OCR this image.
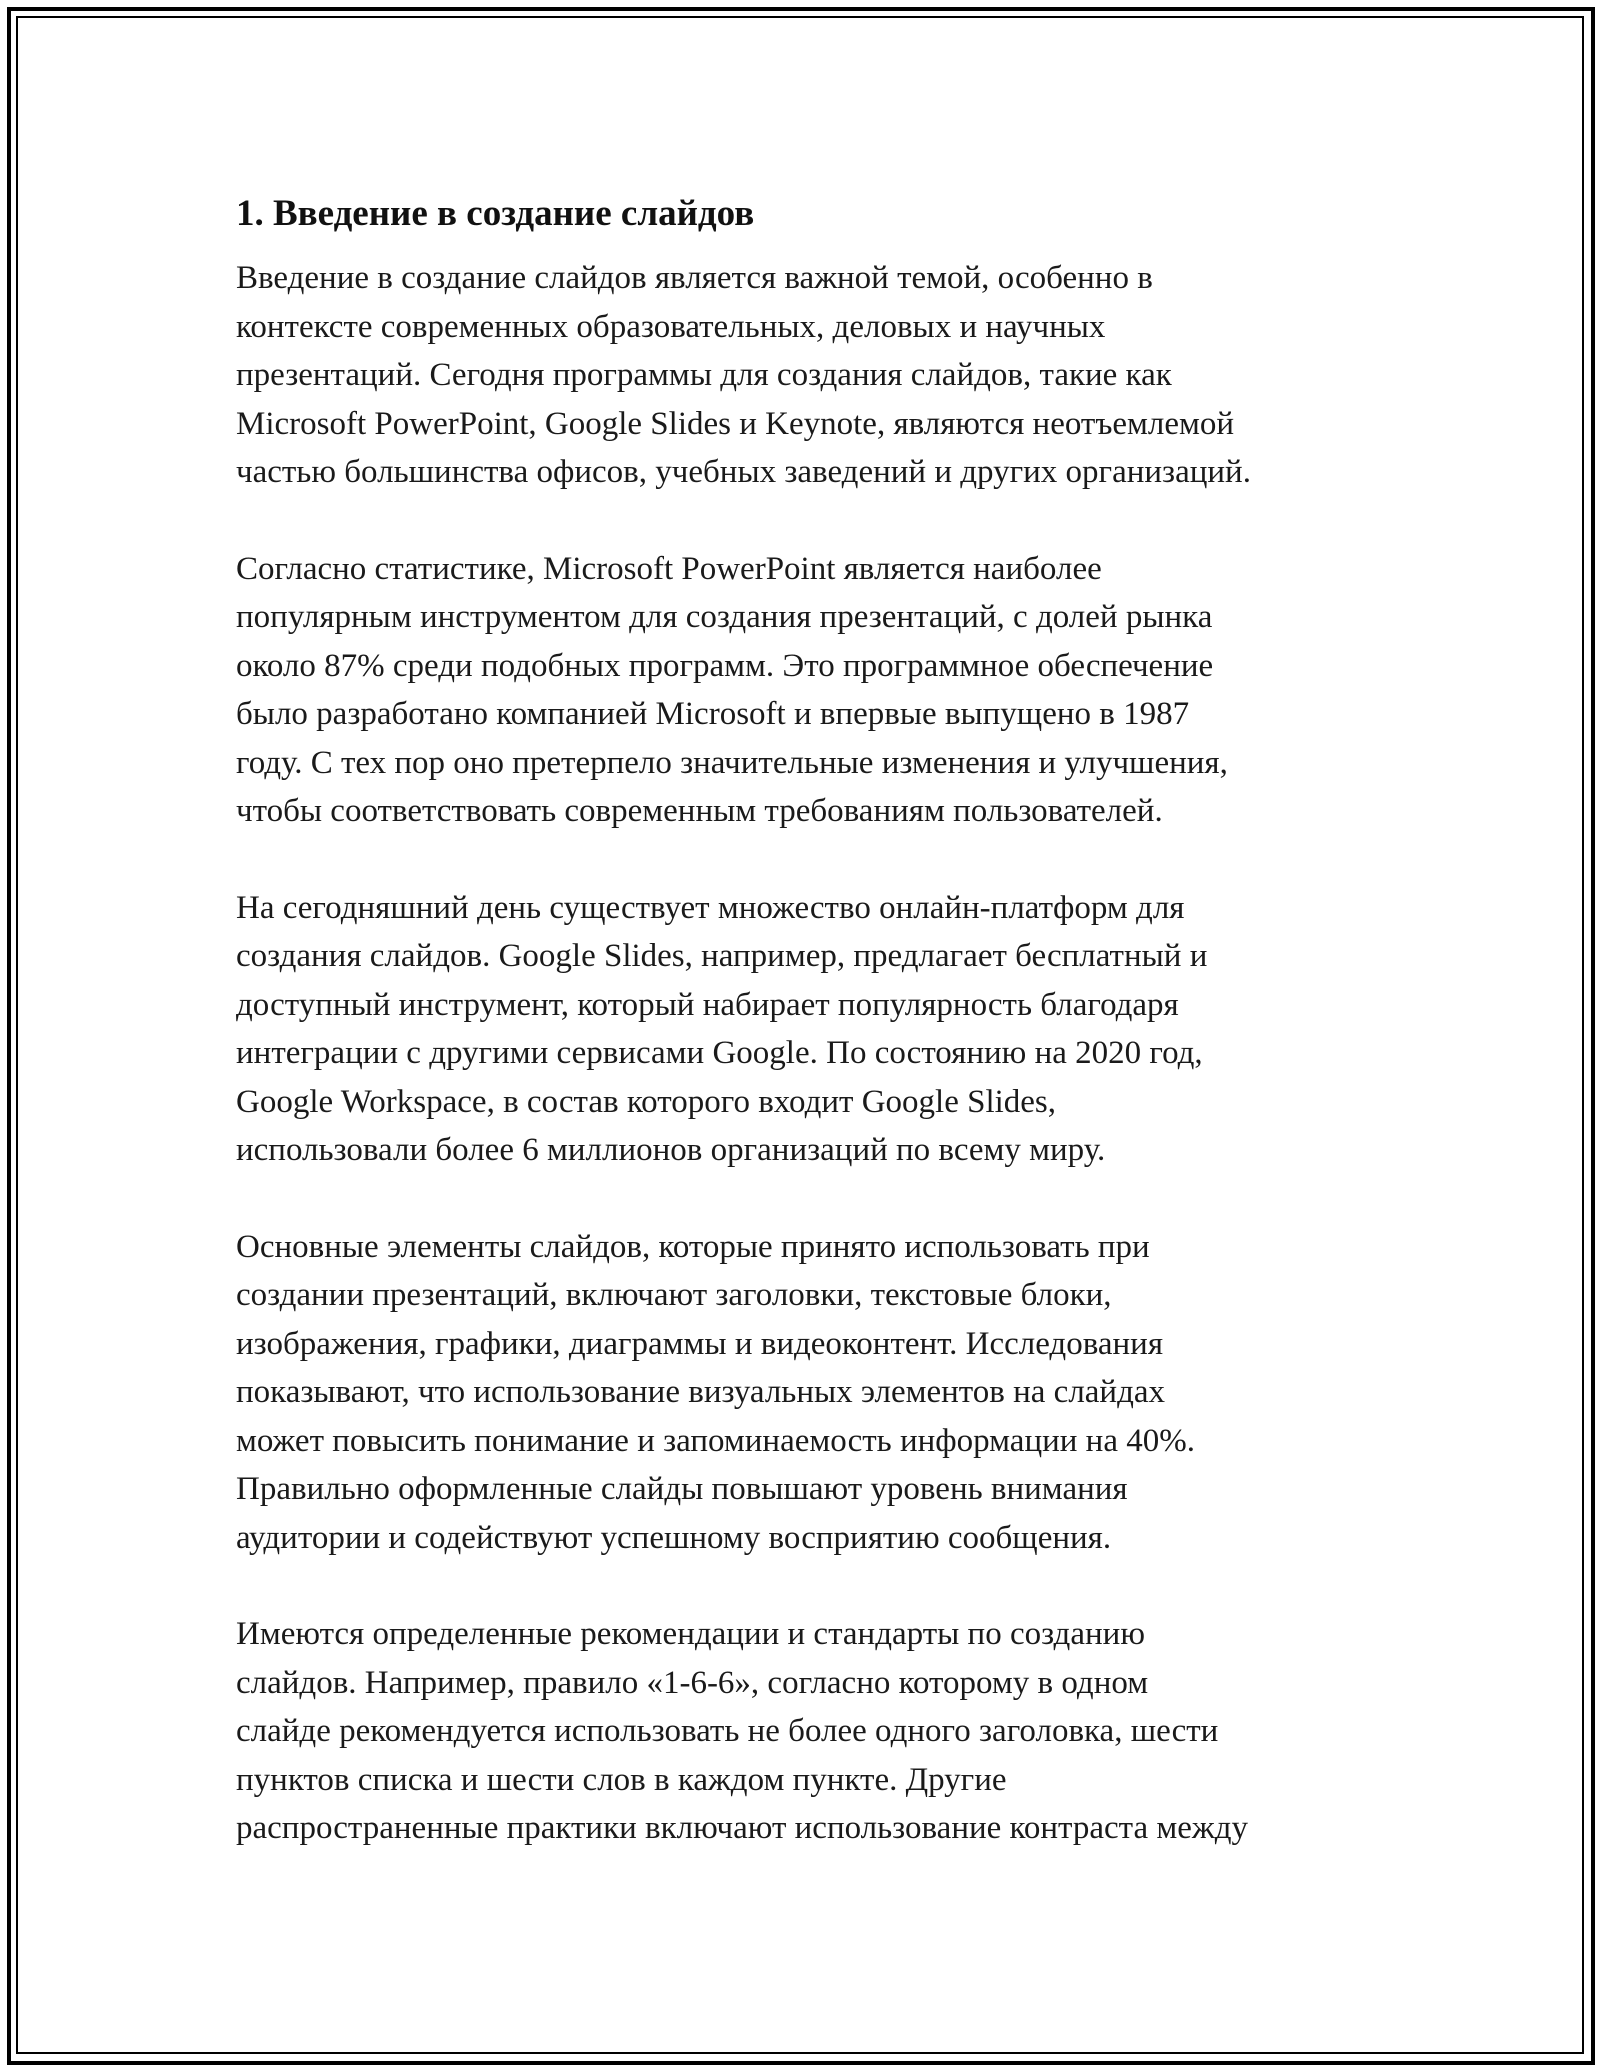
1. Введение в создание слайдов

Введение в создание слайдов является важной темой, особенно в
контексте современных образовательных, деловых и научных
презентаций. Сегодня программы для создания слайдов, такие как
Microsoft PowerPoint, Google Slides и Keynote, являются неотъемлемой
частью большинства офисов, учебных заведений и других организаций.

Согласно статистике, Microsoft PowerPoint является наиболее
популярным инструментом для создания презентаций, с долей рынка
около 87% среди подобных программ. Это программное обеспечение
было разработано компанией Microsoft и впервые выпущено в 1987
году. С тех пор оно претерпело значительные изменения и улучшения,
чтобы соответствовать современным требованиям пользователей.

На сегодняшний день существует множество онлайн-платформ для
создания слайдов. Google Slides, например, предлагает бесплатный и
доступный инструмент, который набирает популярность благодаря
интеграции с другими сервисами Google. По состоянию на 2020 год,
Google Workspace, в состав которого входит Google Slides,
использовали более 6 миллионов организаций по всему миру.

Основные элементы слайдов, которые принято использовать при
создании презентаций, включают заголовки, текстовые блоки,
изображения, графики, диаграммы и видеоконтент. Исследования
показывают, что использование визуальных элементов на слайдах
может повысить понимание и запоминаемость информации на 40%.
Правильно оформленные слайды повышают уровень внимания
аудитории и содействуют успешному восприятию сообщения.

Имеются определенные рекомендации и стандарты по созданию
слайдов. Например, правило «1-6-6», согласно которому в одном
слайде рекомендуется использовать не более одного заголовка, шести
пунктов списка и шести слов в каждом пункте. Другие
распространенные практики включают использование контраста между
